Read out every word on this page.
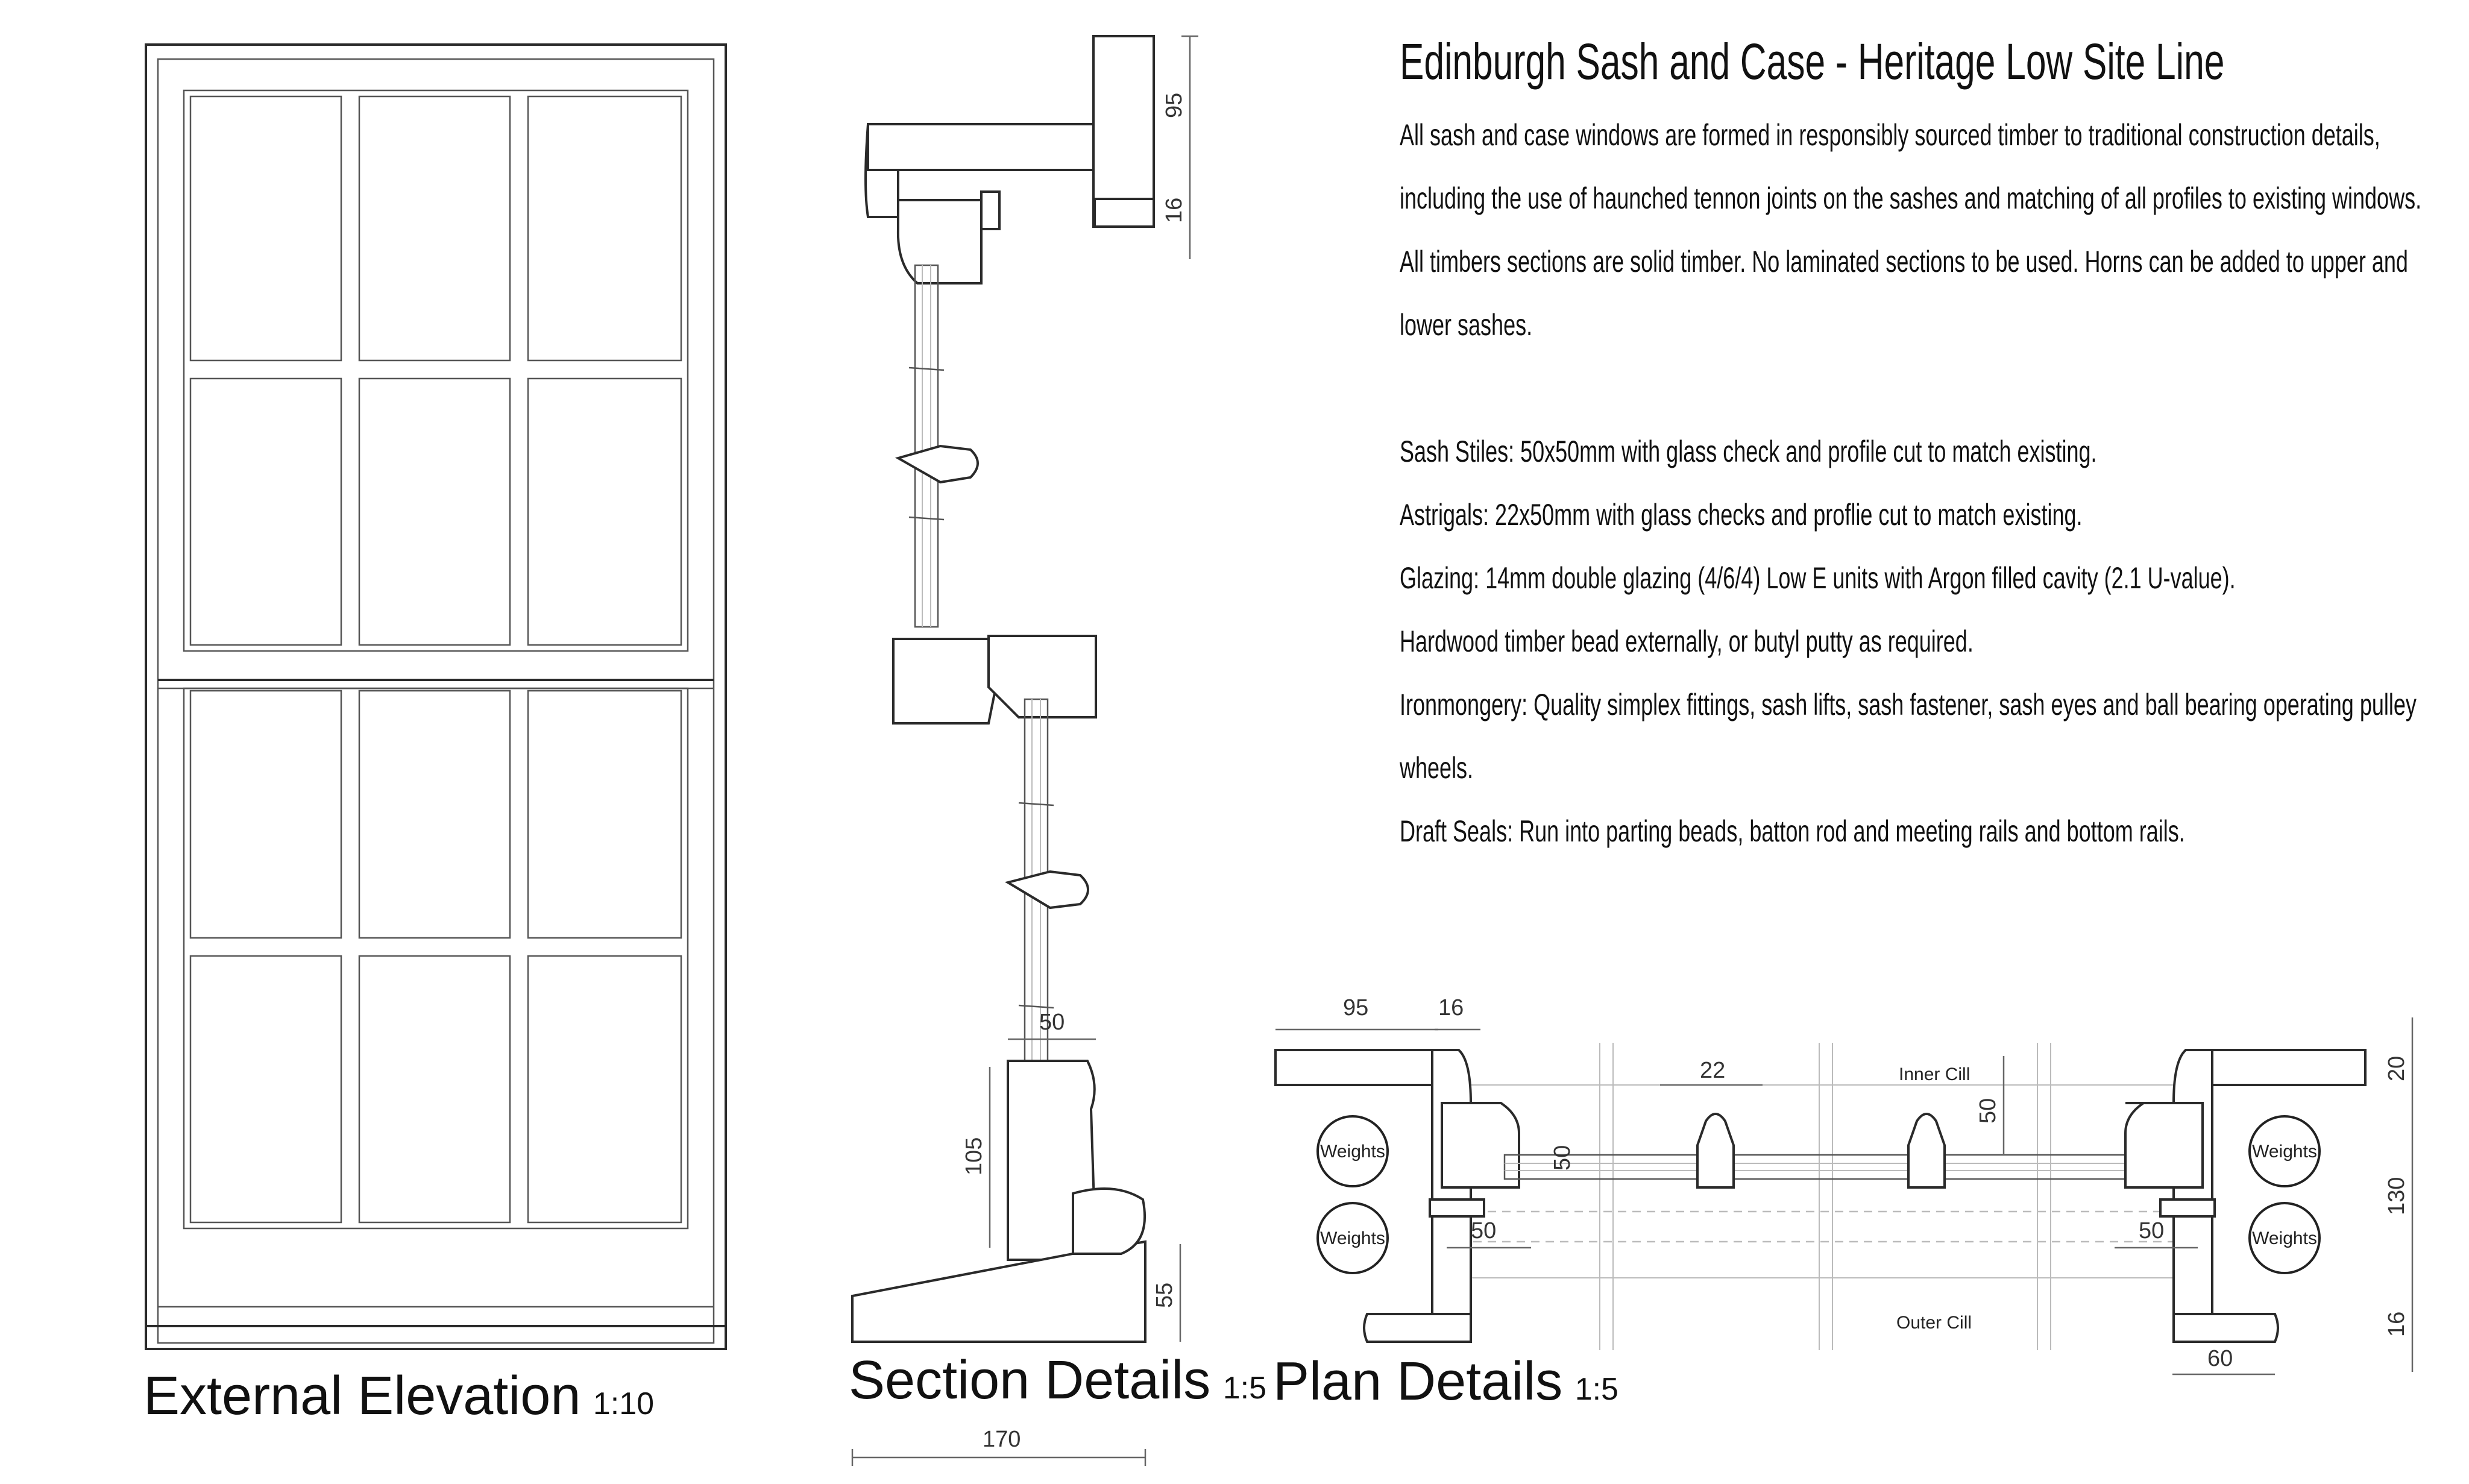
External Elevation 1:10
95
16
50
105
55
170
Section Details 1:5
Weights
Weights
Weights
Weights
Inner Cill
Outer Cill
95	16
22
50
50
50	50
20
130
16
60
Plan Details 1:5
Edinburgh Sash and Case - Heritage Low Site Line

All sash and case windows are formed in responsibly sourced timber to traditional construction details, including the use of haunched tennon joints on the sashes and matching of all profiles to existing windows. All timbers sections are solid timber. No laminated sections to be used. Horns can be added to upper and lower sashes.

Sash Stiles: 50x50mm with glass check and profile cut to match existing.

Astrigals: 22x50mm with glass checks and proflie cut to match existing.

Glazing: 14mm double glazing (4/6/4) Low E units with Argon filled cavity (2.1 U-value).

Hardwood timber bead externally, or butyl putty as required.

Ironmongery: Quality simplex fittings, sash lifts, sash fastener, sash eyes and ball bearing operating pulley wheels.

Draft Seals: Run into parting beads, batton rod and meeting rails and bottom rails.
